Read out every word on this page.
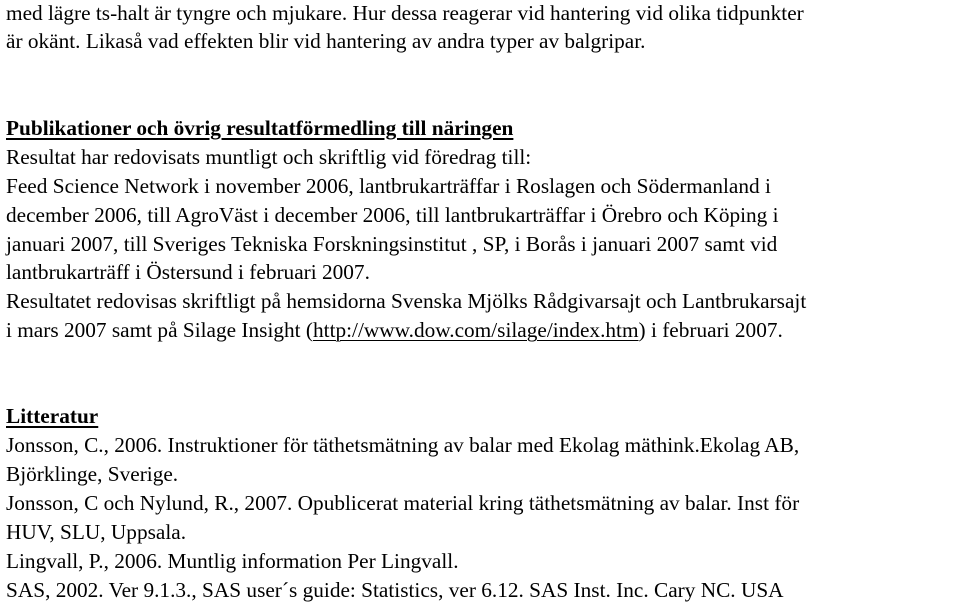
med lägre ts-halt är tyngre och mjukare. Hur dessa reagerar vid hantering vid olika tidpunkter
är okänt. Likaså vad effekten blir vid hantering av andra typer av balgripar.
Publikationer och övrig resultatförmedling till näringen
Resultat har redovisats muntligt och skriftlig vid föredrag till:
Feed Science Network i november 2006, lantbrukarträffar i Roslagen och Södermanland i
december 2006, till AgroVäst i december 2006, till lantbrukarträffar i Örebro och Köping i
januari 2007, till Sveriges Tekniska Forskningsinstitut , SP, i Borås i januari 2007 samt vid
lantbrukarträff i Östersund i februari 2007.
Resultatet redovisas skriftligt på hemsidorna Svenska Mjölks Rådgivarsajt och Lantbrukarsajt
i mars 2007 samt på Silage Insight (http://www.dow.com/silage/index.htm) i februari 2007.
Litteratur
Jonsson, C., 2006. Instruktioner för täthetsmätning av balar med Ekolag mäthink.Ekolag AB,
Björklinge, Sverige.
Jonsson, C och Nylund, R., 2007. Opublicerat material kring täthetsmätning av balar. Inst för
HUV, SLU, Uppsala.
Lingvall, P., 2006. Muntlig information Per Lingvall.
SAS, 2002. Ver 9.1.3., SAS user´s guide: Statistics, ver 6.12. SAS Inst. Inc. Cary NC. USA
